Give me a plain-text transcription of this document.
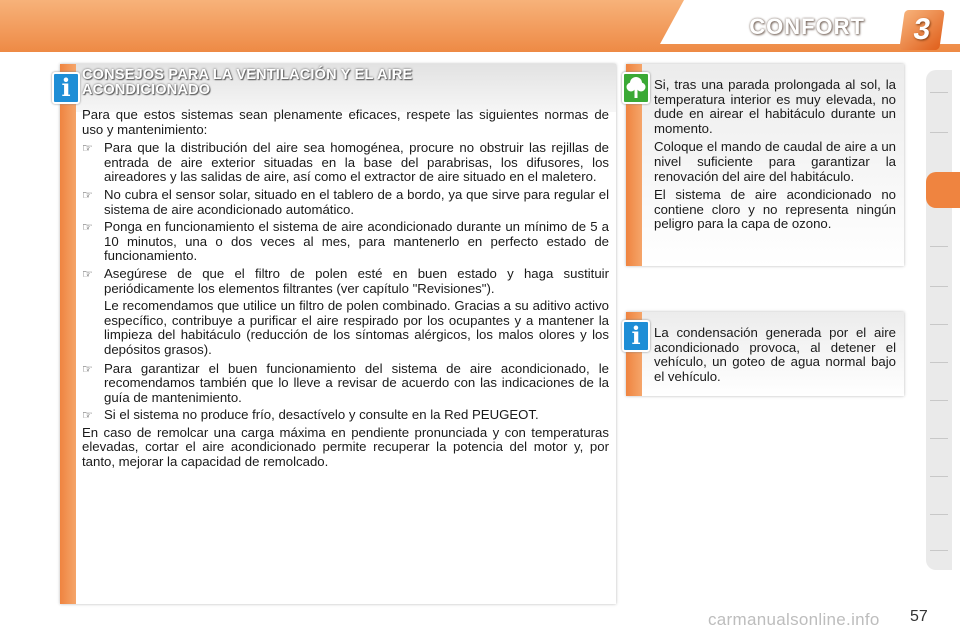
CONFORT	3
CONSEJOS PARA LA VENTILACIÓN Y EL AIRE
ACONDICIONADO

Para que estos sistemas sean plenamente eficaces, respete las siguientes normas de uso y mantenimiento:

☞ Para que la distribución del aire sea homogénea, procure no obstruir las rejillas de entrada de aire exterior situadas en la base del parabrisas, los difusores, los aireadores y las salidas de aire, así como el extractor de aire situado en el maletero.
☞ No cubra el sensor solar, situado en el tablero de a bordo, ya que sirve para regular el sistema de aire acondicionado automático.
☞ Ponga en funcionamiento el sistema de aire acondicionado durante un mínimo de 5 a 10 minutos, una o dos veces al mes, para mantenerlo en perfecto estado de funcionamiento.
☞ Asegúrese de que el filtro de polen esté en buen estado y haga sustituir periódicamente los elementos filtrantes (ver capítulo "Revisiones").

Le recomendamos que utilice un filtro de polen combinado. Gracias a su aditivo activo específico, contribuye a purificar el aire respirado por los ocupantes y a mantener la limpieza del habitáculo (reducción de los síntomas alérgicos, los malos olores y los depósitos grasos).

☞ Para garantizar el buen funcionamiento del sistema de aire acondicionado, le recomendamos también que lo lleve a revisar de acuerdo con las indicaciones de la guía de mantenimiento.
☞ Si el sistema no produce frío, desactívelo y consulte en la Red PEUGEOT.

En caso de remolcar una carga máxima en pendiente pronunciada y con temperaturas elevadas, cortar el aire acondicionado permite recuperar la potencia del motor y, por tanto, mejorar la capacidad de remolcado.

i	Si, tras una parada prolongada al sol, la temperatura interior es muy elevada, no dude en airear el habitáculo durante un momento.

Coloque el mando de caudal de aire a un nivel suficiente para garantizar la renovación del aire del habitáculo.

El sistema de aire acondicionado no contiene cloro y no representa ningún peligro para la capa de ozono.

La condensación generada por el aire acondicionado provoca, al detener el vehículo, un goteo de agua normal bajo el vehículo.
i
carmanualsonline.info 57
